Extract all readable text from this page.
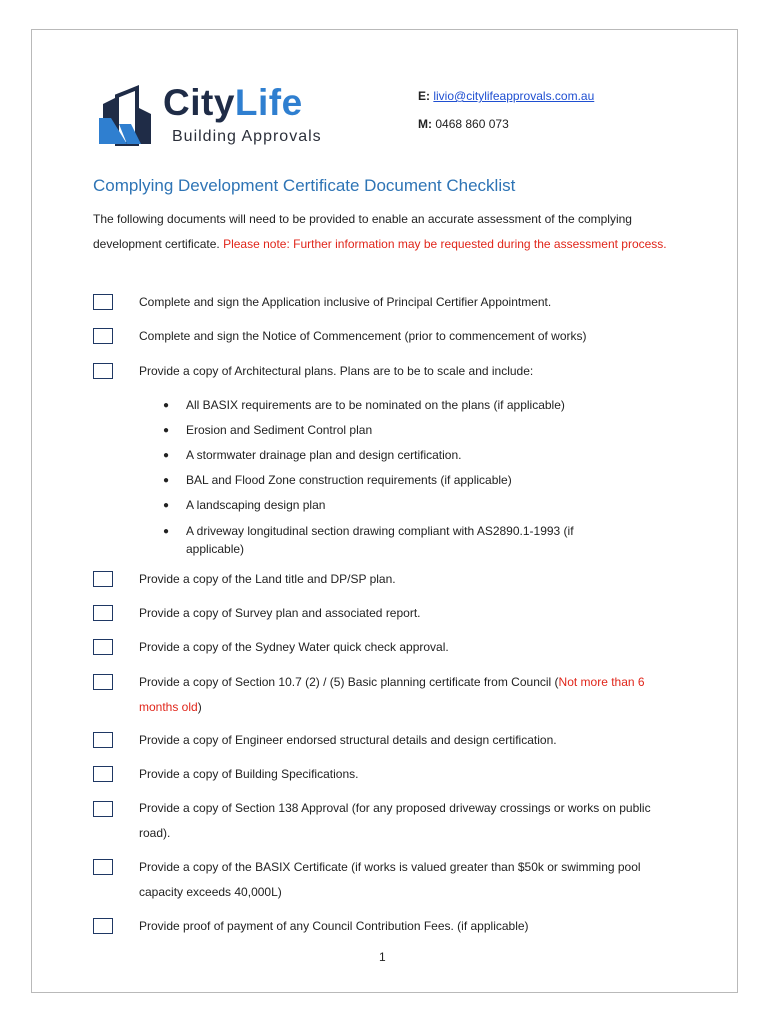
CityLife
Building Approvals
E: livio@citylifeapprovals.com.au
M: 0468 860 073
Complying Development Certificate Document Checklist
The following documents will need to be provided to enable an accurate assessment of the complying development certificate. Please note: Further information may be requested during the assessment process.
Complete and sign the Application inclusive of Principal Certifier Appointment.
Complete and sign the Notice of Commencement (prior to commencement of works)
Provide a copy of Architectural plans. Plans are to be to scale and include:
● All BASIX requirements are to be nominated on the plans (if applicable)
● Erosion and Sediment Control plan
● A stormwater drainage plan and design certification.
● BAL and Flood Zone construction requirements (if applicable)
● A landscaping design plan
● A driveway longitudinal section drawing compliant with AS2890.1-1993 (if applicable)
Provide a copy of the Land title and DP/SP plan.
Provide a copy of Survey plan and associated report.
Provide a copy of the Sydney Water quick check approval.
Provide a copy of Section 10.7 (2) / (5) Basic planning certificate from Council (Not more than 6 months old)
Provide a copy of Engineer endorsed structural details and design certification.
Provide a copy of Building Specifications.
Provide a copy of Section 138 Approval (for any proposed driveway crossings or works on public road).
Provide a copy of the BASIX Certificate (if works is valued greater than $50k or swimming pool capacity exceeds 40,000L)
Provide proof of payment of any Council Contribution Fees. (if applicable)
1
